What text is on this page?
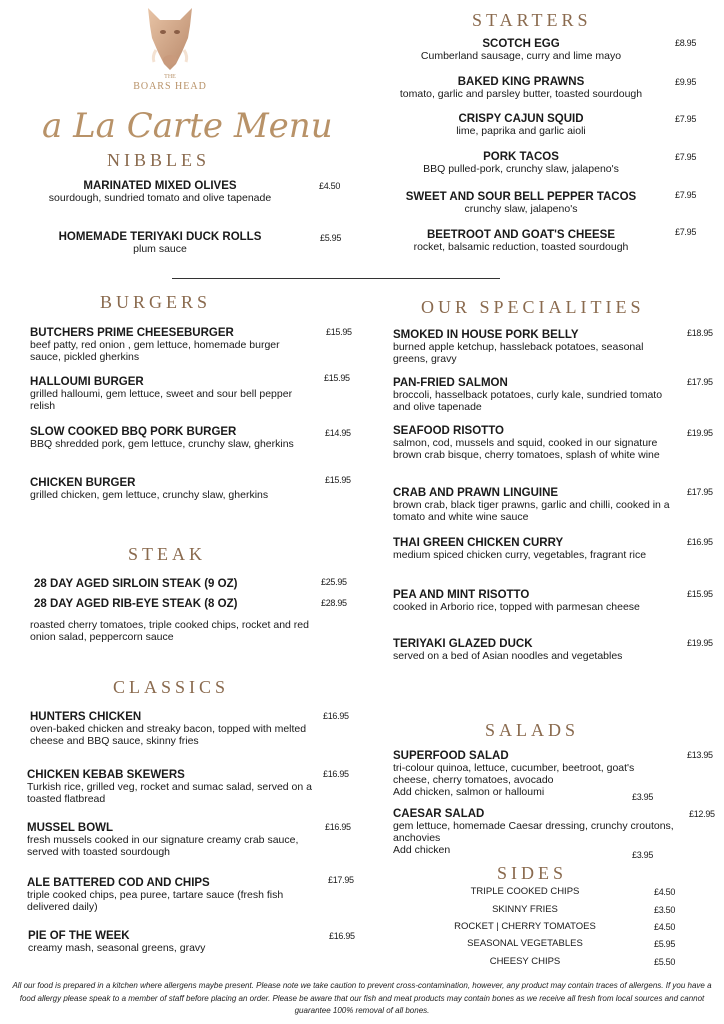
THE
BOARS HEAD
a La Carte Menu
NIBBLES
MARINATED MIXED OLIVES
sourdough, sundried tomato and olive tapenade
£4.50
HOMEMADE TERIYAKI DUCK ROLLS
plum sauce
£5.95
STARTERS
SCOTCH EGG
Cumberland sausage, curry and lime mayo
£8.95
BAKED KING PRAWNS
tomato, garlic and parsley butter, toasted sourdough
£9.95
CRISPY CAJUN SQUID
lime, paprika and garlic aioli
£7.95
PORK TACOS
BBQ pulled-pork, crunchy slaw, jalapeno's
£7.95
SWEET AND SOUR BELL PEPPER TACOS
crunchy slaw, jalapeno's
£7.95
BEETROOT AND GOAT'S CHEESE
rocket, balsamic reduction, toasted sourdough
£7.95
BURGERS
BUTCHERS PRIME CHEESEBURGER
beef patty, red onion , gem lettuce, homemade burger sauce, pickled gherkins
£15.95
HALLOUMI BURGER
grilled halloumi, gem lettuce, sweet and sour bell pepper relish
£15.95
SLOW COOKED BBQ PORK BURGER
BBQ shredded pork, gem lettuce, crunchy slaw, gherkins
£14.95
CHICKEN BURGER
grilled chicken, gem lettuce, crunchy slaw, gherkins
£15.95
STEAK
28 DAY AGED SIRLOIN STEAK (9 OZ)	£25.95
28 DAY AGED RIB-EYE STEAK (8 OZ)	£28.95
roasted cherry tomatoes, triple cooked chips, rocket and red onion salad, peppercorn sauce
CLASSICS
HUNTERS CHICKEN
oven-baked chicken and streaky bacon, topped with melted cheese and BBQ sauce, skinny fries
£16.95
CHICKEN KEBAB SKEWERS
Turkish rice, grilled veg, rocket and sumac salad, served on a toasted flatbread
£16.95
MUSSEL BOWL
fresh mussels cooked in our signature creamy crab sauce, served with toasted sourdough
£16.95
ALE BATTERED COD AND CHIPS
triple cooked chips, pea puree, tartare sauce (fresh fish delivered daily)
£17.95
PIE OF THE WEEK
creamy mash, seasonal greens, gravy
£16.95
OUR SPECIALITIES
SMOKED IN HOUSE PORK BELLY
burned apple ketchup, hassleback potatoes, seasonal greens, gravy
£18.95
PAN-FRIED SALMON
broccoli, hasselback potatoes, curly kale, sundried tomato and olive tapenade
£17.95
SEAFOOD RISOTTO
salmon, cod, mussels and squid, cooked in our signature brown crab bisque, cherry tomatoes, splash of white wine
£19.95
CRAB AND PRAWN LINGUINE
brown crab, black tiger prawns, garlic and chilli, cooked in a tomato and white wine sauce
£17.95
THAI GREEN CHICKEN CURRY
medium spiced chicken curry, vegetables, fragrant rice
£16.95
PEA AND MINT RISOTTO
cooked in Arborio rice, topped with parmesan cheese
£15.95
TERIYAKI GLAZED DUCK
served on a bed of Asian noodles and vegetables
£19.95
SALADS
SUPERFOOD SALAD
tri-colour quinoa, lettuce, cucumber, beetroot, goat's cheese, cherry tomatoes, avocado
Add chicken, salmon or halloumi
£13.95
£3.95
CAESAR SALAD
gem lettuce, homemade Caesar dressing, crunchy croutons, anchovies
Add chicken
£12.95
£3.95
SIDES
TRIPLE COOKED CHIPS	£4.50
SKINNY FRIES	£3.50
ROCKET | CHERRY TOMATOES	£4.50
SEASONAL VEGETABLES	£5.95
CHEESY CHIPS	£5.50
All our food is prepared in a kitchen where allergens maybe present. Please note we take caution to prevent cross-contamination, however, any product may contain traces of allergens. If you have a food allergy please speak to a member of staff before placing an order. Please be aware that our fish and meat products may contain bones as we receive all fresh from local sources and cannot guarantee 100% removal of all bones.
